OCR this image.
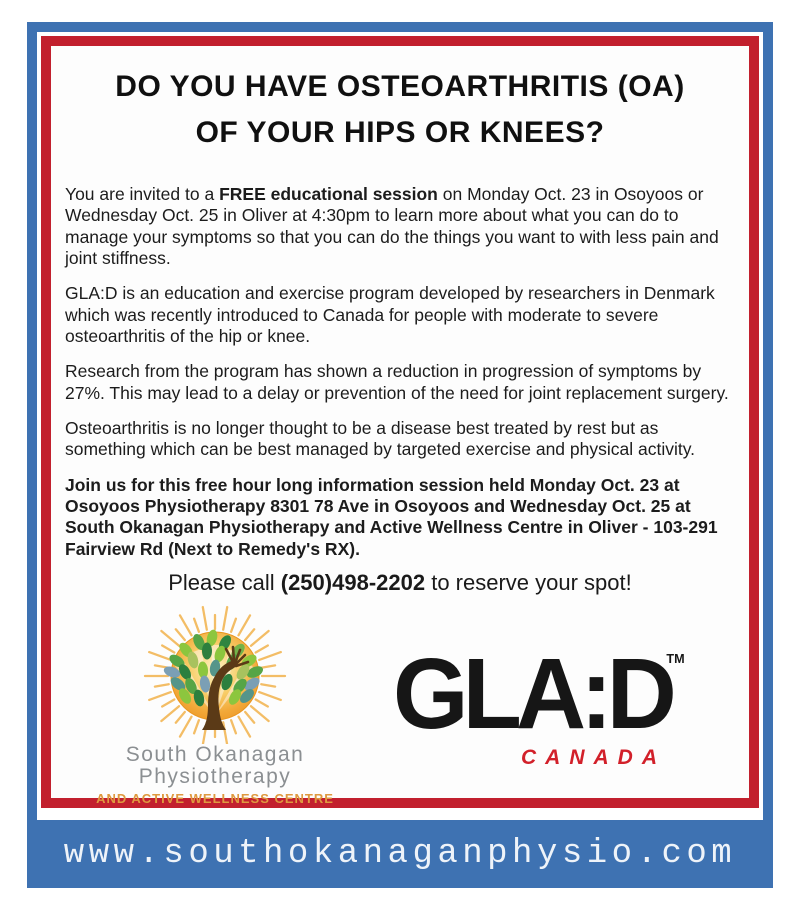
DO YOU HAVE OSTEOARTHRITIS (OA)
OF YOUR HIPS OR KNEES?

You are invited to a FREE educational session on Monday Oct. 23 in Osoyoos or Wednesday Oct. 25 in Oliver at 4:30pm to learn more about what you can do to manage your symptoms so that you can do the things you want to with less pain and joint stiffness.

GLA:D is an education and exercise program developed by researchers in Denmark which was recently introduced to Canada for people with moderate to severe osteoarthritis of the hip or knee.

Research from the program has shown a reduction in progression of symptoms by 27%. This may lead to a delay or prevention of the need for joint replacement surgery.

Osteoarthritis is no longer thought to be a disease best treated by rest but as something which can be best managed by targeted exercise and physical activity.

Join us for this free hour long information session held Monday Oct. 23 at Osoyoos Physiotherapy 8301 78 Ave in Osoyoos and Wednesday Oct. 25 at South Okanagan Physiotherapy and Active Wellness Centre in Oliver - 103-291 Fairview Rd (Next to Remedy's RX).

Please call (250)498-2202 to reserve your spot!
South Okanagan
Physiotherapy
AND ACTIVE WELLNESS CENTRE
GLA:D
TM
CANADA
www.southokanaganphysio.com
